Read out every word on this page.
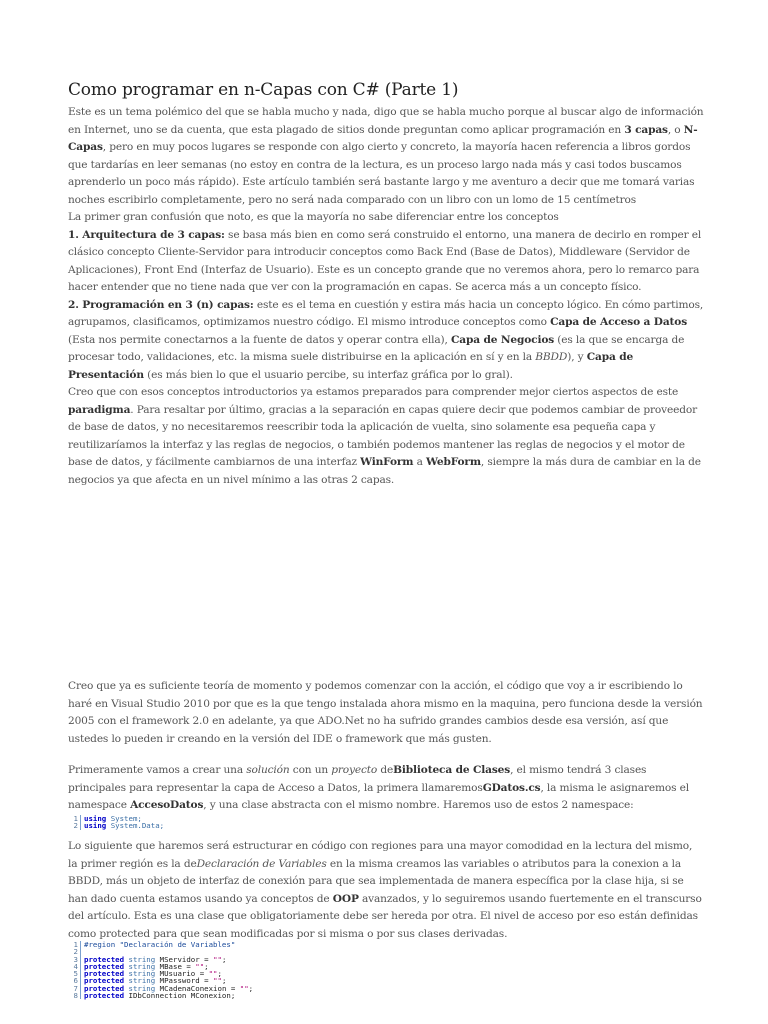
Como programar en n-Capas con C# (Parte 1)

Este es un tema polémico del que se habla mucho y nada, digo que se habla mucho porque al buscar algo de información en Internet, uno se da cuenta, que esta plagado de sitios donde preguntan como aplicar programación en 3 capas, o N-Capas, pero en muy pocos lugares se responde con algo cierto y concreto, la mayoría hacen referencia a libros gordos que tardarías en leer semanas (no estoy en contra de la lectura, es un proceso largo nada más y casi todos buscamos aprenderlo un poco más rápido). Este artículo también será bastante largo y me aventuro a decir que me tomará varias noches escribirlo completamente, pero no será nada comparado con un libro con un lomo de 15 centímetros

La primer gran confusión que noto, es que la mayoría no sabe diferenciar entre los conceptos

1. Arquitectura de 3 capas: se basa más bien en como será construido el entorno, una manera de decirlo en romper el clásico concepto Cliente-Servidor para introducir conceptos como Back End (Base de Datos), Middleware (Servidor de Aplicaciones), Front End (Interfaz de Usuario). Este es un concepto grande que no veremos ahora, pero lo remarco para hacer entender que no tiene nada que ver con la programación en capas. Se acerca más a un concepto físico.

2. Programación en 3 (n) capas: este es el tema en cuestión y estira más hacia un concepto lógico. En cómo partimos, agrupamos, clasificamos, optimizamos nuestro código. El mismo introduce conceptos como Capa de Acceso a Datos (Esta nos permite conectarnos a la fuente de datos y operar contra ella), Capa de Negocios (es la que se encarga de procesar todo, validaciones, etc. la misma suele distribuirse en la aplicación en sí y en la BBDD), y Capa de Presentación (es más bien lo que el usuario percibe, su interfaz gráfica por lo gral).

Creo que con esos conceptos introductorios ya estamos preparados para comprender mejor ciertos aspectos de este paradigma. Para resaltar por último, gracias a la separación en capas quiere decir que podemos cambiar de proveedor de base de datos, y no necesitaremos reescribir toda la aplicación de vuelta, sino solamente esa pequeña capa y reutilizaríamos la interfaz y las reglas de negocios, o también podemos mantener las reglas de negocios y el motor de base de datos, y fácilmente cambiarnos de una interfaz WinForm a WebForm, siempre la más dura de cambiar en la de negocios ya que afecta en un nivel mínimo a las otras 2 capas.

Creo que ya es suficiente teoría de momento y podemos comenzar con la acción, el código que voy a ir escribiendo lo haré en Visual Studio 2010 por que es la que tengo instalada ahora mismo en la maquina, pero funciona desde la versión 2005 con el framework 2.0 en adelante, ya que ADO.Net no ha sufrido grandes cambios desde esa versión, así que ustedes lo pueden ir creando en la versión del IDE o framework que más gusten.
Primeramente vamos a crear una solución con un proyecto deBiblioteca de Clases, el mismo tendrá 3 clases principales para representar la capa de Acceso a Datos, la primera llamaremosGDatos.cs, la misma le asignaremos el namespace AccesoDatos, y una clase abstracta con el mismo nombre. Haremos uso de estos 2 namespace:
1 using System;
2 using System.Data;
Lo siguiente que haremos será estructurar en código con regiones para una mayor comodidad en la lectura del mismo, la primer región es la deDeclaración de Variables en la misma creamos las variables o atributos para la conexion a la BBDD, más un objeto de interfaz de conexión para que sea implementada de manera específica por la clase hija, si se han dado cuenta estamos usando ya conceptos de OOP avanzados, y lo seguiremos usando fuertemente en el transcurso del artículo. Esta es una clase que obligatoriamente debe ser hereda por otra. El nivel de acceso por eso están definidas como protected para que sean modificadas por si misma o por sus clases derivadas.
1 #region "Declaración de Variables"
2
3 protected string MServidor = "";
4 protected string MBase = "";
5 protected string MUsuario = "";
6 protected string MPassword = "";
7 protected string MCadenaConexion = "";
8 protected IDbConnection MConexion;
